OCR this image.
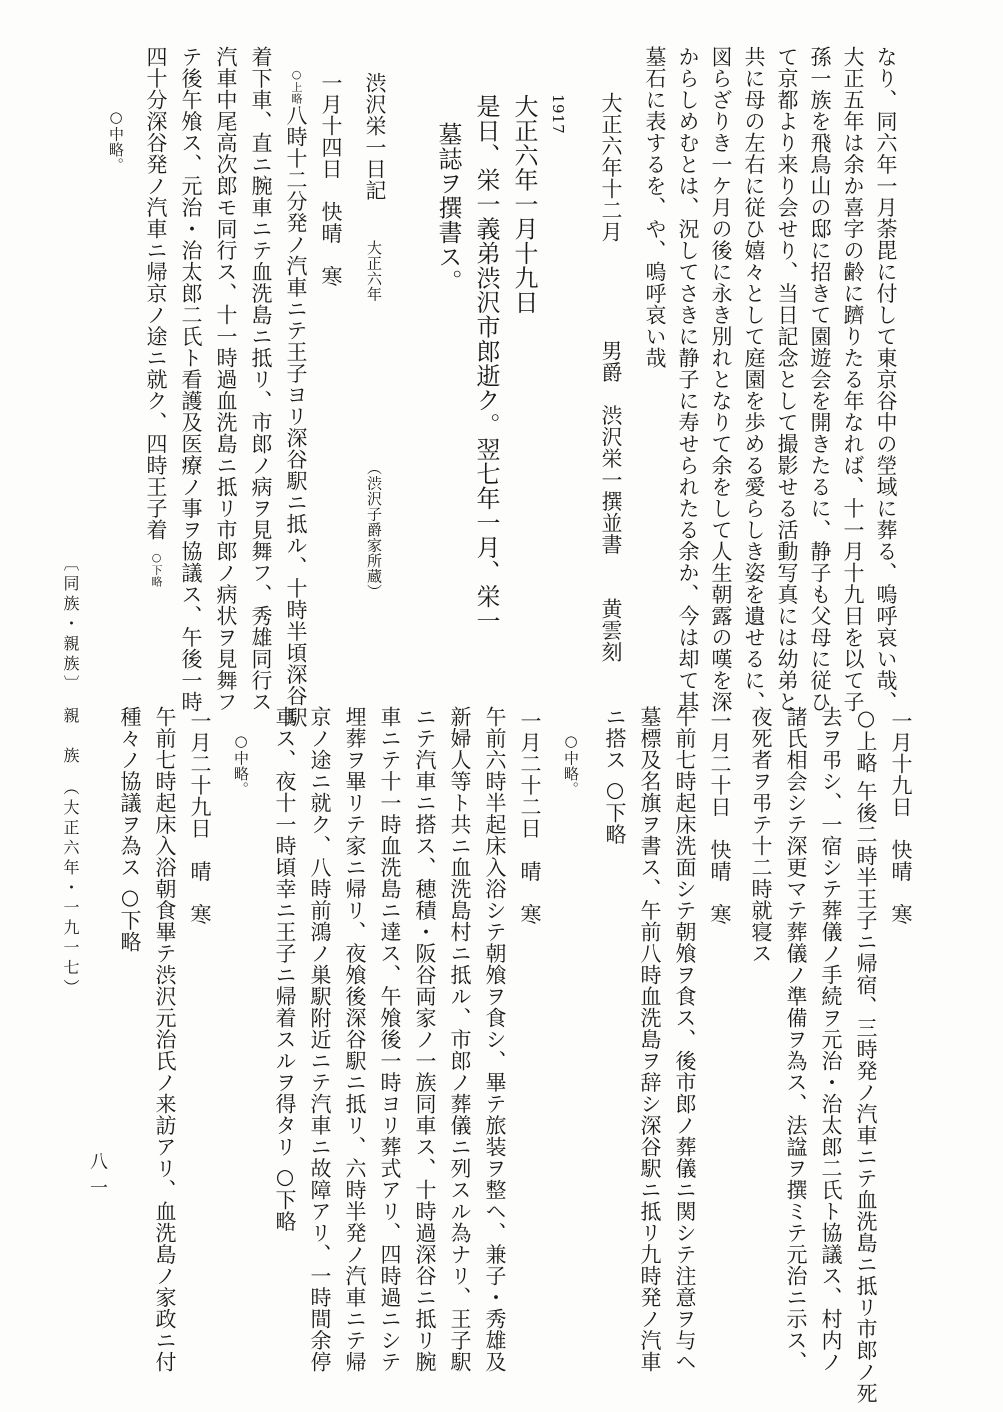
〔同族・親族〕　親　族　（大正六年・一九一七）
八一
なり、同六年一月荼毘に付して東京谷中の塋域に葬る、嗚呼哀い哉、
大正五年は余か喜字の齢に躋りたる年なれば、十一月十九日を以て子
孫一族を飛鳥山の邸に招きて園遊会を開きたるに、静子も父母に従ひ
て京都より来り会せり、当日記念として撮影せる活動写真には幼弟と
共に母の左右に従ひ嬉々として庭園を歩める愛らしき姿を遺せるに、
図らざりき一ケ月の後に永き別れとなりて余をして人生朝露の嘆を深
からしめむとは、況してさきに静子に寿せられたる余か、今は却て其
墓石に表するを、や、嗚呼哀い哉
大正六年十二月
男爵　渋沢栄一撰並書　　黄雲刻
1917
大正六年一月十九日
是日、栄一義弟渋沢市郎逝ク。翌七年一月、栄一
墓誌ヲ撰書ス。
渋沢栄一日記
大正六年
（渋沢子爵家所蔵）
一月十四日　快晴　寒
○上略八時十二分発ノ汽車ニテ王子ヨリ深谷駅ニ抵ル、十時半頃深谷駅
着下車、直ニ腕車ニテ血洗島ニ抵リ、市郎ノ病ヲ見舞フ、秀雄同行ス
汽車中尾高次郎モ同行ス、十一時過血洗島ニ抵リ市郎ノ病状ヲ見舞フ
テ後午飧ス、元治・治太郎二氏ト看護及医療ノ事ヲ協議ス、午後一時
四十分深谷発ノ汽車ニ帰京ノ途ニ就ク、四時王子着○下略
○中略。
一月十九日　快晴　寒
○上略 午後二時半王子ニ帰宿、三時発ノ汽車ニテ血洗島ニ抵リ市郎ノ死
去ヲ弔シ、一宿シテ葬儀ノ手続ヲ元治・治太郎二氏ト協議ス、村内ノ
諸氏相会シテ深更マテ葬儀ノ準備ヲ為ス、法諡ヲ撰ミテ元治ニ示ス、
夜死者ヲ弔テ十二時就寝ス
一月二十日　快晴　寒
午前七時起床洗面シテ朝飧ヲ食ス、後市郎ノ葬儀ニ関シテ注意ヲ与ヘ
墓標及名旗ヲ書ス、午前八時血洗島ヲ辞シ深谷駅ニ抵リ九時発ノ汽車
ニ搭ス ○下略
○中略。
一月二十二日　晴　寒
午前六時半起床入浴シテ朝飧ヲ食シ、畢テ旅装ヲ整ヘ、兼子・秀雄及
新婦人等ト共ニ血洗島村ニ抵ル、市郎ノ葬儀ニ列スル為ナリ、王子駅
ニテ汽車ニ搭ス、穂積・阪谷両家ノ一族同車ス、十時過深谷ニ抵リ腕
車ニテ十一時血洗島ニ達ス、午飧後一時ヨリ葬式アリ、四時過ニシテ
埋葬ヲ畢リテ家ニ帰リ、夜飧後深谷駅ニ抵リ、六時半発ノ汽車ニテ帰
京ノ途ニ就ク、八時前鴻ノ巣駅附近ニテ汽車ニ故障アリ、一時間余停
車ス、夜十一時頃幸ニ王子ニ帰着スルヲ得タリ ○下略
○中略。
一月二十九日　晴　寒
午前七時起床入浴朝食畢テ渋沢元治氏ノ来訪アリ、血洗島ノ家政ニ付
種々ノ協議ヲ為ス ○下略
